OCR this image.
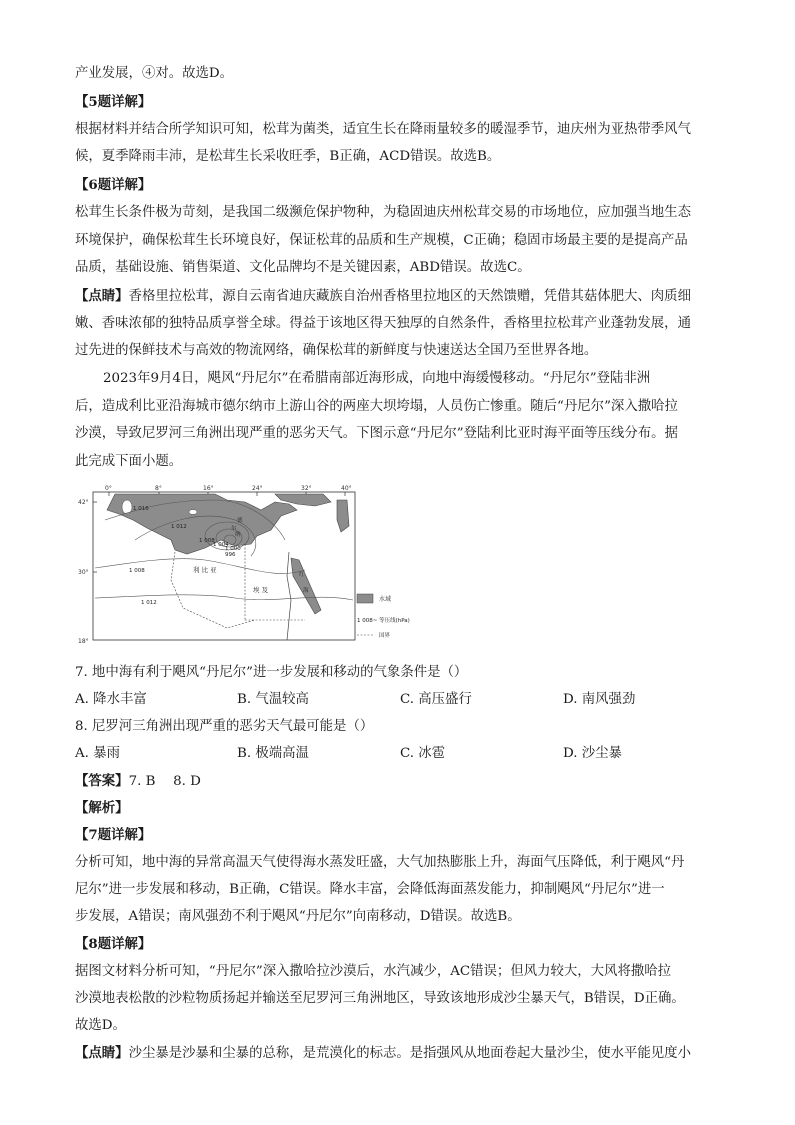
产业发展，④对。故选D。
【5题详解】
根据材料并结合所学知识可知，松茸为菌类，适宜生长在降雨量较多的暖湿季节，迪庆州为亚热带季风气
候，夏季降雨丰沛，是松茸生长采收旺季，B正确，ACD错误。故选B。
【6题详解】
松茸生长条件极为苛刻，是我国二级濒危保护物种，为稳固迪庆州松茸交易的市场地位，应加强当地生态
环境保护，确保松茸生长环境良好，保证松茸的品质和生产规模，C正确；稳固市场最主要的是提高产品
品质，基础设施、销售渠道、文化品牌均不是关键因素，ABD错误。故选C。
【点睛】香格里拉松茸，源自云南省迪庆藏族自治州香格里拉地区的天然馈赠，凭借其菇体肥大、肉质细
嫩、香味浓郁的独特品质享誉全球。得益于该地区得天独厚的自然条件，香格里拉松茸产业蓬勃发展，通
过先进的保鲜技术与高效的物流网络，确保松茸的新鲜度与快速送达全国乃至世界各地。
2023年9月4日，飓风“丹尼尔”在希腊南部近海形成，向地中海缓慢移动。“丹尼尔”登陆非洲
后，造成利比亚沿海城市德尔纳市上游山谷的两座大坝垮塌，人员伤亡惨重。随后“丹尼尔”深入撒哈拉
沙漠，导致尼罗河三角洲出现严重的恶劣天气。下图示意“丹尼尔”登陆利比亚时海平面等压线分布。据
此完成下面小题。
0°	8°	16°	24°	32°	40°
42°
30°
18°
1 016
1 012
1 008
1 004
1 000
996
1 008
1 012
德
尔
纳
利 比 亚
埃 及
红
海
水域
1 008~ 等压线(hPa)
国界
7. 地中海有利于飓风“丹尼尔”进一步发展和移动的气象条件是（）
A. 降水丰富	B. 气温较高	C. 高压盛行	D. 南风强劲
8. 尼罗河三角洲出现严重的恶劣天气最可能是（）
A. 暴雨	B. 极端高温	C. 冰雹	D. 沙尘暴
【答案】7. B　 8. D
【解析】
【7题详解】
分析可知，地中海的异常高温天气使得海水蒸发旺盛，大气加热膨胀上升，海面气压降低，利于飓风“丹
尼尔”进一步发展和移动，B正确，C错误。降水丰富，会降低海面蒸发能力，抑制飓风“丹尼尔”进一
步发展，A错误；南风强劲不利于飓风“丹尼尔”向南移动，D错误。故选B。
【8题详解】
据图文材料分析可知，“丹尼尔”深入撒哈拉沙漠后，水汽减少，AC错误；但风力较大，大风将撒哈拉
沙漠地表松散的沙粒物质扬起并输送至尼罗河三角洲地区，导致该地形成沙尘暴天气，B错误，D正确。
故选D。
【点睛】沙尘暴是沙暴和尘暴的总称，是荒漠化的标志。是指强风从地面卷起大量沙尘，使水平能见度小
